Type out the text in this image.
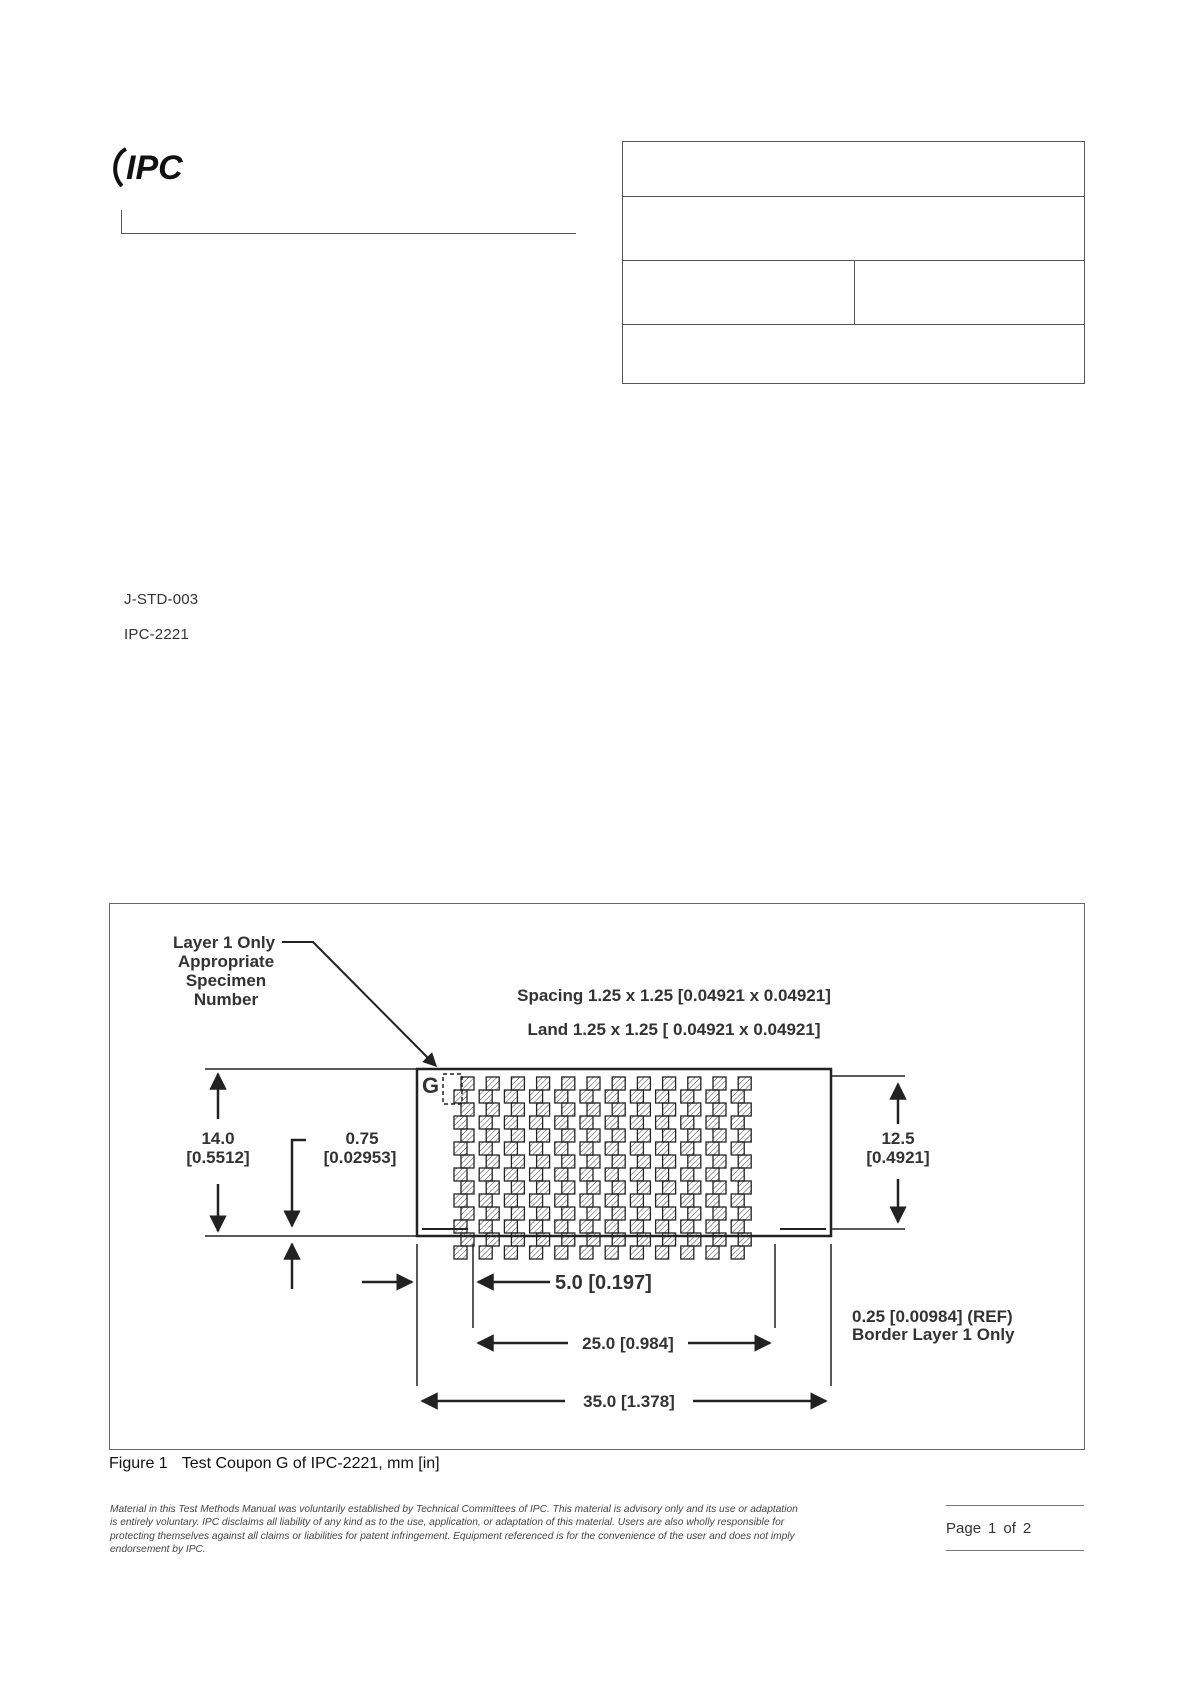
IPC
J-STD-003
IPC-2221
Layer 1 Only
Appropriate
Specimen
Number	Spacing 1.25 x 1.25 [0.04921 x 0.04921]
Land 1.25 x 1.25 [ 0.04921 x 0.04921]
G
14.0
[0.5512]
0.75
[0.02953]
12.5
[0.4921]
5.0 [0.197]
25.0 [0.984]
35.0 [1.378]
0.25 [0.00984] (REF)
Border Layer 1 Only
Figure 1 Test Coupon G of IPC-2221, mm [in]
Material in this Test Methods Manual was voluntarily established by Technical Committees of IPC. This material is advisory only and its use or adaptation is entirely voluntary. IPC disclaims all liability of any kind as to the use, application, or adaptation of this material. Users are also wholly responsible for protecting themselves against all claims or liabilities for patent infringement. Equipment referenced is for the convenience of the user and does not imply endorsement by IPC.
Page 1 of 2
